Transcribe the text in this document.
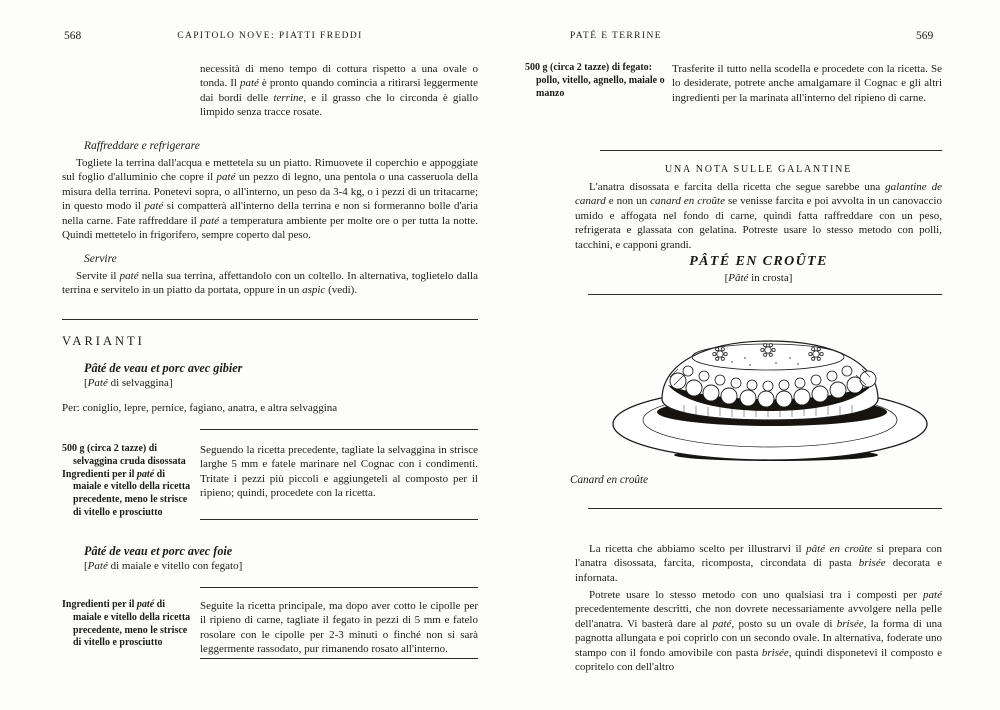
568	CAPITOLO NOVE: PIATTI FREDDI
necessità di meno tempo di cottura rispetto a una ovale o tonda. Il paté è pronto quando comincia a ritirarsi leggermente dai bordi delle terrine, e il grasso che lo circonda è giallo limpido senza tracce rosate.
Raffreddare e refrigerare
Togliete la terrina dall'acqua e mettetela su un piatto. Rimuovete il coperchio e appoggiate sul foglio d'alluminio che copre il paté un pezzo di legno, una pentola o una casseruola della misura della terrina. Ponetevi sopra, o all'interno, un peso da 3-4 kg, o i pezzi di un tritacarne; in questo modo il paté si compatterà all'interno della terrina e non si formeranno bolle d'aria nella carne. Fate raffreddare il paté a temperatura ambiente per molte ore o per tutta la notte. Quindi mettetelo in frigorifero, sempre coperto dal peso.
Servire
Servite il paté nella sua terrina, affettandolo con un coltello. In alternativa, toglietelo dalla terrina e servitelo in un piatto da portata, oppure in un aspic (vedi).
VARIANTI
Pâté de veau et porc avec gibier
[Paté di selvaggina]
Per: coniglio, lepre, pernice, fagiano, anatra, e altra selvaggina
500 g (circa 2 tazze) di selvaggina cruda disossata
Ingredienti per il paté di maiale e vitello della ricetta precedente, meno le strisce di vitello e prosciutto
Seguendo la ricetta precedente, tagliate la selvaggina in strisce larghe 5 mm e fatele marinare nel Cognac con i condimenti. Tritate i pezzi più piccoli e aggiungeteli al composto per il ripieno; quindi, procedete con la ricetta.
Pâté de veau et porc avec foie
[Paté di maiale e vitello con fegato]
Ingredienti per il paté di maiale e vitello della ricetta precedente, meno le strisce di vitello e prosciutto
Seguite la ricetta principale, ma dopo aver cotto le cipolle per il ripieno di carne, tagliate il fegato in pezzi di 5 mm e fatelo rosolare con le cipolle per 2-3 minuti o finché non si sarà leggermente rassodato, pur rimanendo rosato all'interno.
PATÉ E TERRINE	569
500 g (circa 2 tazze) di fegato: pollo, vitello, agnello, maiale o manzo
Trasferite il tutto nella scodella e procedete con la ricetta. Se lo desiderate, potrete anche amalgamare il Cognac e gli altri ingredienti per la marinata all'interno del ripieno di carne.
UNA NOTA SULLE GALANTINE
L'anatra disossata e farcita della ricetta che segue sarebbe una galantine de canard e non un canard en croûte se venisse farcita e poi avvolta in un canovaccio umido e affogata nel fondo di carne, quindi fatta raffreddare con un peso, refrigerata e glassata con gelatina. Potreste usare lo stesso metodo con polli, tacchini, e capponi grandi.
PÂTÉ EN CROÛTE
[Pâté in crosta]
Canard en croûte
La ricetta che abbiamo scelto per illustrarvi il pâté en croûte si prepara con l'anatra disossata, farcita, ricomposta, circondata di pasta brisée decorata e infornata.
Potrete usare lo stesso metodo con uno qualsiasi tra i composti per paté precedentemente descritti, che non dovrete necessariamente avvolgere nella pelle dell'anatra. Vi basterà dare al paté, posto su un ovale di brisée, la forma di una pagnotta allungata e poi coprirlo con un secondo ovale. In alternativa, foderate uno stampo con il fondo amovibile con pasta brisée, quindi disponetevi il composto e copritelo con dell'altro
